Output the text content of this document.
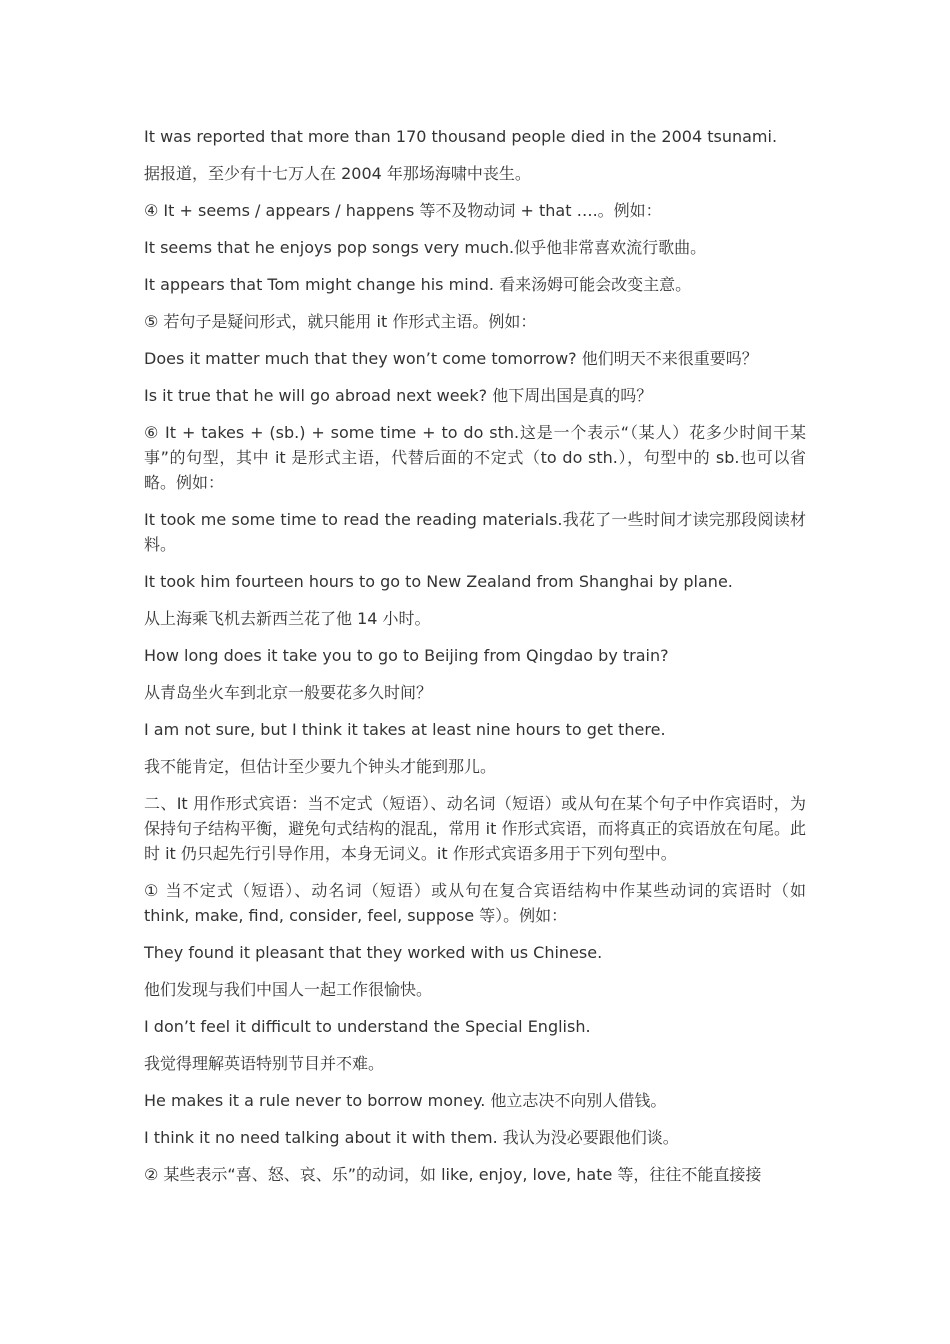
It was reported that more than 170 thousand people died in the 2004 tsunami.

据报道，至少有十七万人在 2004 年那场海啸中丧生。

④ It + seems / appears / happens 等不及物动词 + that ….。例如：

It seems that he enjoys pop songs very much.似乎他非常喜欢流行歌曲。

It appears that Tom might change his mind. 看来汤姆可能会改变主意。

⑤ 若句子是疑问形式，就只能用 it 作形式主语。例如：

Does it matter much that they won’t come tomorrow? 他们明天不来很重要吗？

Is it true that he will go abroad next week? 他下周出国是真的吗？

⑥ It + takes + (sb.) + some time + to do sth.这是一个表示“（某人）花多少时间干某事”的句型，其中 it 是形式主语，代替后面的不定式（to do sth.），句型中的 sb.也可以省略。例如：

It took me some time to read the reading materials.我花了一些时间才读完那段阅读材料。

It took him fourteen hours to go to New Zealand from Shanghai by plane.

从上海乘飞机去新西兰花了他 14 小时。

How long does it take you to go to Beijing from Qingdao by train?

从青岛坐火车到北京一般要花多久时间？

I am not sure, but I think it takes at least nine hours to get there.

我不能肯定，但估计至少要九个钟头才能到那儿。

二、It 用作形式宾语：当不定式（短语）、动名词（短语）或从句在某个句子中作宾语时，为保持句子结构平衡，避免句式结构的混乱，常用 it 作形式宾语，而将真正的宾语放在句尾。此时 it 仍只起先行引导作用，本身无词义。it 作形式宾语多用于下列句型中。

① 当不定式（短语）、动名词（短语）或从句在复合宾语结构中作某些动词的宾语时（如 think, make, find, consider, feel, suppose 等）。例如：

They found it pleasant that they worked with us Chinese.

他们发现与我们中国人一起工作很愉快。

I don’t feel it difficult to understand the Special English.

我觉得理解英语特别节目并不难。

He makes it a rule never to borrow money. 他立志决不向别人借钱。

I think it no need talking about it with them. 我认为没必要跟他们谈。

② 某些表示“喜、怒、哀、乐”的动词，如 like, enjoy, love, hate 等，往往不能直接接
